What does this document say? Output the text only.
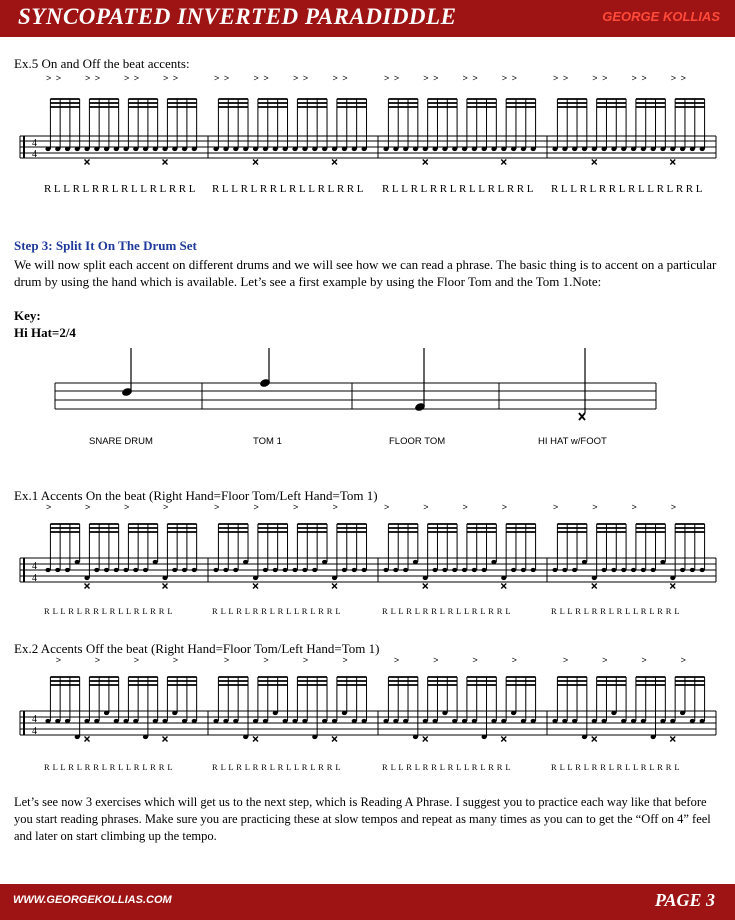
SYNCOPATED INVERTED PARADIDDLE	GEORGE KOLLIAS
Ex.5 On and Off the beat accents:
4
4
> >	> >	> >	> >	> >	> >	> >	> >	> >	> >	> >	> >	> >	> >	> >	> >
RLLRLRRLRLLRLRRL RLLRLRRLRLLRLRRL RLLRLRRLRLLRLRRL RLLRLRRLRLLRLRRL
Step 3: Split It On The Drum Set
We will now split each accent on different drums and we will see how we can read a phrase. The basic thing is to accent on a particular drum by using the hand which is available. Let’s see a first example by using the Floor Tom and the Tom 1.Note:
Key:
Hi Hat=2/4
SNARE DRUM	TOM 1	FLOOR TOM	HI HAT w/FOOT
Ex.1 Accents On the beat (Right Hand=Floor Tom/Left Hand=Tom 1)
4
4
>	>	>	>	>	>	>	>	>	>	>	>	>	>	>	>
R L L R L R R L R L L R L R R L	R L L R L R R L R L L R L R R L	R L L R L R R L R L L R L R R L	R L L R L R R L R L L R L R R L
Ex.2 Accents Off the beat (Right Hand=Floor Tom/Left Hand=Tom 1)
4
4
>	>	>	>	>	>	>	>	>	>	>	>	>	>	>	>
R L L R L R R L R L L R L R R L	R L L R L R R L R L L R L R R L	R L L R L R R L R L L R L R R L	R L L R L R R L R L L R L R R L
Let’s see now 3 exercises which will get us to the next step, which is Reading A Phrase. I suggest you to practice each way like that before you start reading phrases. Make sure you are practicing these at slow tempos and repeat as many times as you can to get the “Off on 4” feel and later on start climbing up the tempo.
WWW.GEORGEKOLLIAS.COM	PAGE 3
